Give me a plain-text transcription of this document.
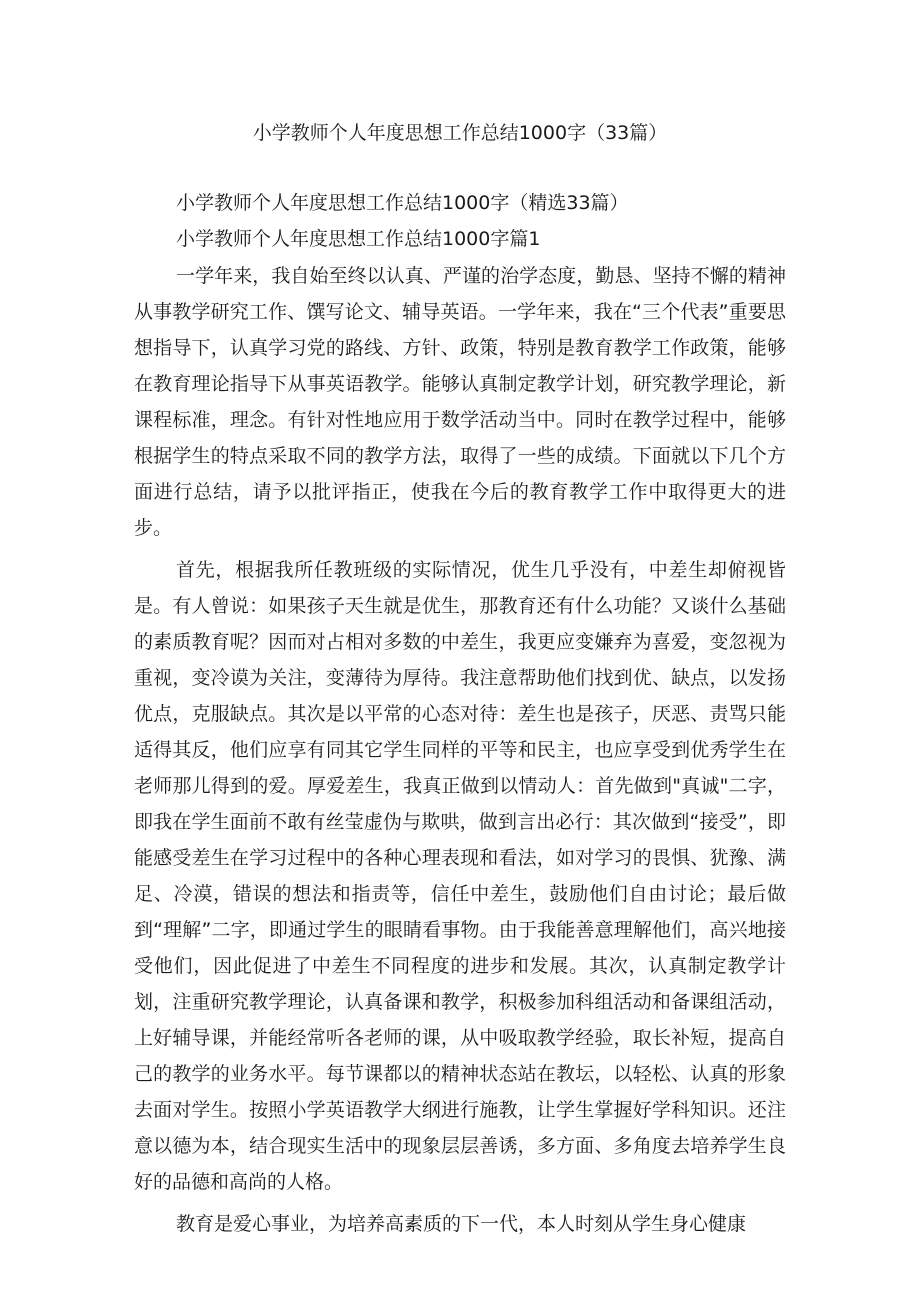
小学教师个人年度思想工作总结1000字（33篇）
小学教师个人年度思想工作总结1000字（精选33篇）
小学教师个人年度思想工作总结1000字篇1

一学年来，我自始至终以认真、严谨的治学态度，勤恳、坚持不懈的精神从事教学研究工作、馔写论文、辅导英语。一学年来，我在“三个代表”重要思想指导下，认真学习党的路线、方针、政策，特别是教育教学工作政策，能够在教育理论指导下从事英语教学。能够认真制定教学计划，研究教学理论，新课程标准，理念。有针对性地应用于数学活动当中。同时在教学过程中，能够根据学生的特点采取不同的教学方法，取得了一些的成绩。下面就以下几个方面进行总结，请予以批评指正，使我在今后的教育教学工作中取得更大的进步。

首先，根据我所任教班级的实际情况，优生几乎没有，中差生却俯视皆是。有人曾说：如果孩子天生就是优生，那教育还有什么功能？又谈什么基础的素质教育呢？因而对占相对多数的中差生，我更应变嫌弃为喜爱，变忽视为重视，变冷谟为关注，变薄待为厚待。我注意帮助他们找到优、缺点，以发扬优点，克服缺点。其次是以平常的心态对待：差生也是孩子，厌恶、责骂只能适得其反，他们应享有同其它学生同样的平等和民主，也应享受到优秀学生在老师那儿得到的爱。厚爱差生，我真正做到以情动人：首先做到"真诚"二字，即我在学生面前不敢有丝莹虚伪与欺哄，做到言出必行：其次做到“接受”，即能感受差生在学习过程中的各种心理表现和看法，如对学习的畏惧、犹豫、满足、冷漠，错误的想法和指责等，信任中差生，鼓励他们自由讨论；最后做到“理解”二字，即通过学生的眼睛看事物。由于我能善意理解他们，高兴地接受他们，因此促进了中差生不同程度的进步和发展。其次，认真制定教学计划，注重研究教学理论，认真备课和教学，积极参加科组活动和备课组活动，上好辅导课，并能经常听各老师的课，从中吸取教学经验，取长补短，提高自己的教学的业务水平。每节课都以的精神状态站在教坛，以轻松、认真的形象去面对学生。按照小学英语教学大纲进行施教，让学生掌握好学科知识。还注意以德为本，结合现实生活中的现象层层善诱，多方面、多角度去培养学生良好的品德和高尚的人格。

教育是爱心事业，为培养高素质的下一代，本人时刻从学生身心健康
